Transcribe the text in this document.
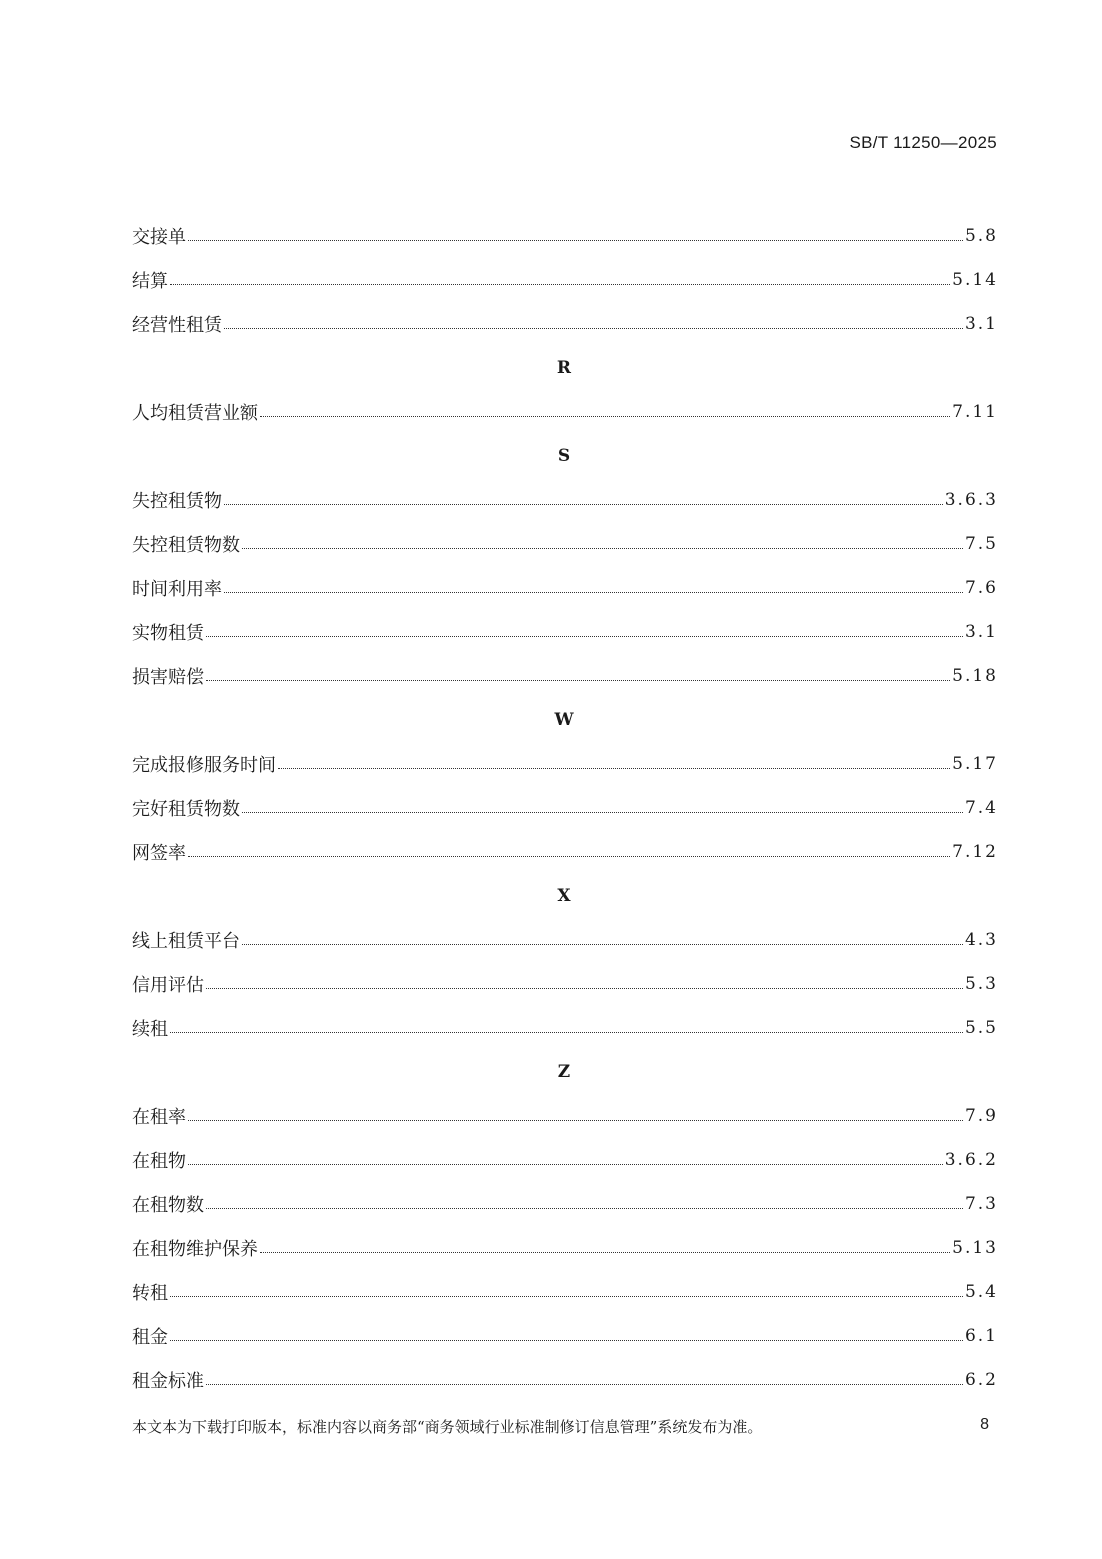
SB/T 11250—2025
交接单	5.8
结算	5.14
经营性租赁	3.1
R
人均租赁营业额	7.11
S
失控租赁物	3.6.3
失控租赁物数	7.5
时间利用率	7.6
实物租赁	3.1
损害赔偿	5.18
W
完成报修服务时间	5.17
完好租赁物数	7.4
网签率	7.12
X
线上租赁平台	4.3
信用评估	5.3
续租	5.5
Z
在租率	7.9
在租物	3.6.2
在租物数	7.3
在租物维护保养	5.13
转租	5.4
租金	6.1
租金标准	6.2
本文本为下载打印版本，标准内容以商务部“商务领域行业标准制修订信息管理”系统发布为准。	8
